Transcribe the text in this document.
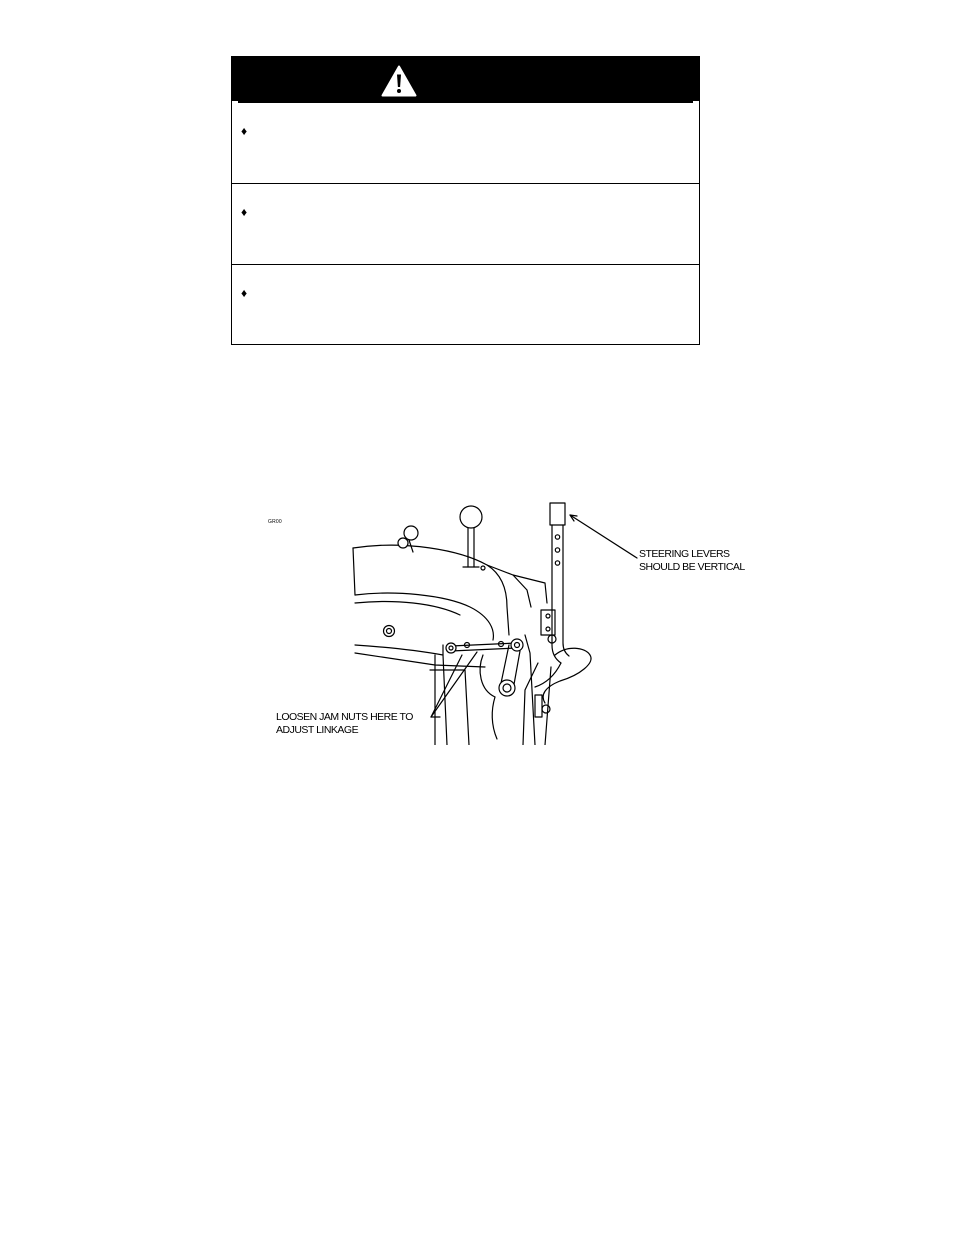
♦
♦
♦
GR00
STEERING LEVERS
SHOULD BE VERTICAL
LOOSEN JAM NUTS HERE TO
ADJUST LINKAGE
